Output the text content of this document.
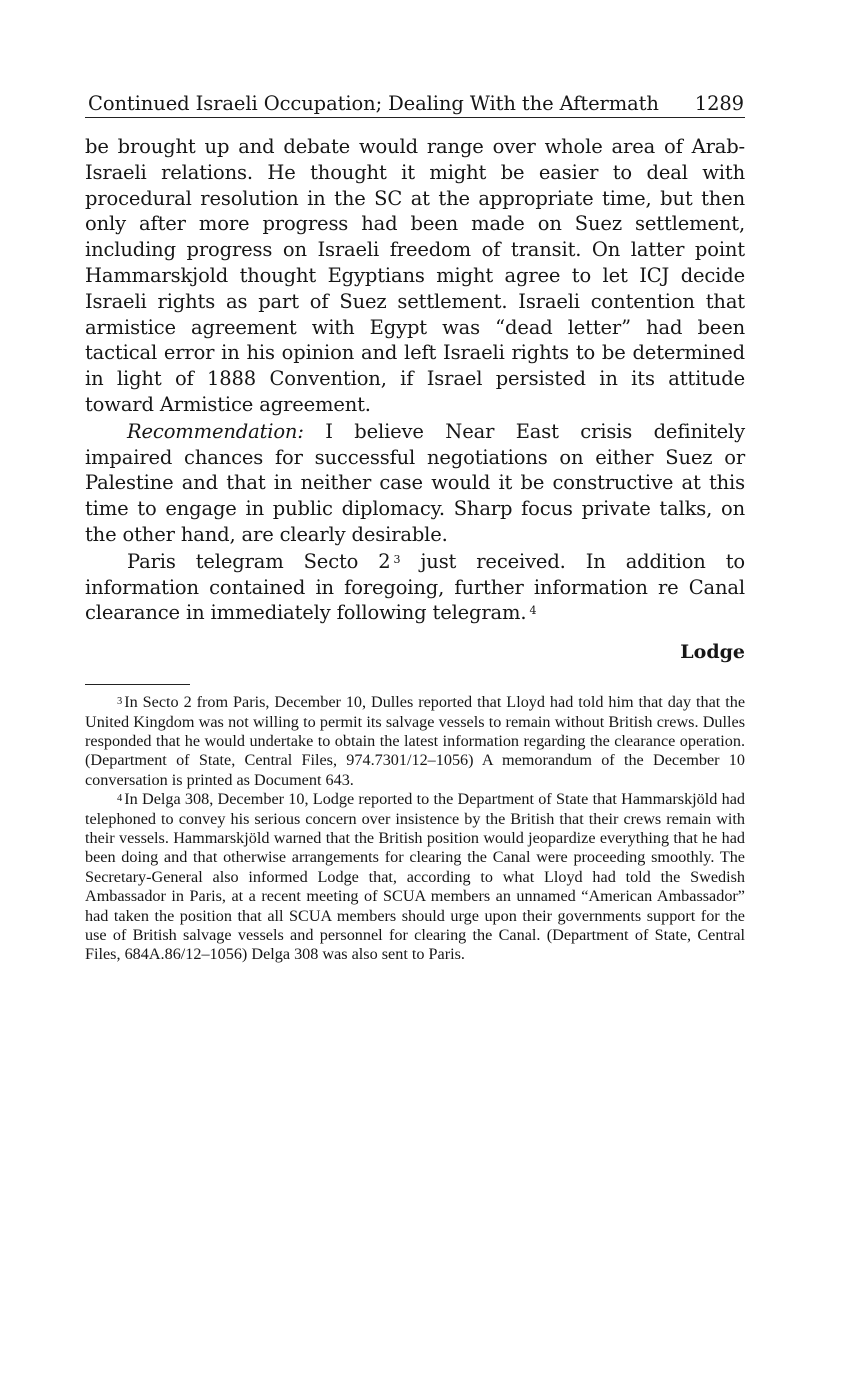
Continued Israeli Occupation; Dealing With the Aftermath 1289

be brought up and debate would range over whole area of Arab-Israeli relations. He thought it might be easier to deal with procedural resolution in the SC at the appropriate time, but then only after more progress had been made on Suez settlement, including progress on Israeli freedom of transit. On latter point Hammarskjold thought Egyptians might agree to let ICJ decide Israeli rights as part of Suez settlement. Israeli contention that armistice agreement with Egypt was “dead letter” had been tactical error in his opinion and left Israeli rights to be determined in light of 1888 Convention, if Israel persisted in its attitude toward Armistice agreement.

Recommendation: I believe Near East crisis definitely impaired chances for successful negotiations on either Suez or Palestine and that in neither case would it be constructive at this time to engage in public diplomacy. Sharp focus private talks, on the other hand, are clearly desirable.

Paris telegram Secto 2 $^3$ just received. In addition to information contained in foregoing, further information re Canal clearance in immediately following telegram. $^4$

Lodge

$^3$ In Secto 2 from Paris, December 10, Dulles reported that Lloyd had told him that day that the United Kingdom was not willing to permit its salvage vessels to remain without British crews. Dulles responded that he would undertake to obtain the latest information regarding the clearance operation. (Department of State, Central Files, 974.7301/12–1056) A memorandum of the December 10 conversation is printed as Document 643.

$^4$ In Delga 308, December 10, Lodge reported to the Department of State that Hammarskjöld had telephoned to convey his serious concern over insistence by the British that their crews remain with their vessels. Hammarskjöld warned that the British position would jeopardize everything that he had been doing and that otherwise arrangements for clearing the Canal were proceeding smoothly. The Secretary-General also informed Lodge that, according to what Lloyd had told the Swedish Ambassador in Paris, at a recent meeting of SCUA members an unnamed “American Ambassador” had taken the position that all SCUA members should urge upon their governments support for the use of British salvage vessels and personnel for clearing the Canal. (Department of State, Central Files, 684A.86/12–1056) Delga 308 was also sent to Paris.
